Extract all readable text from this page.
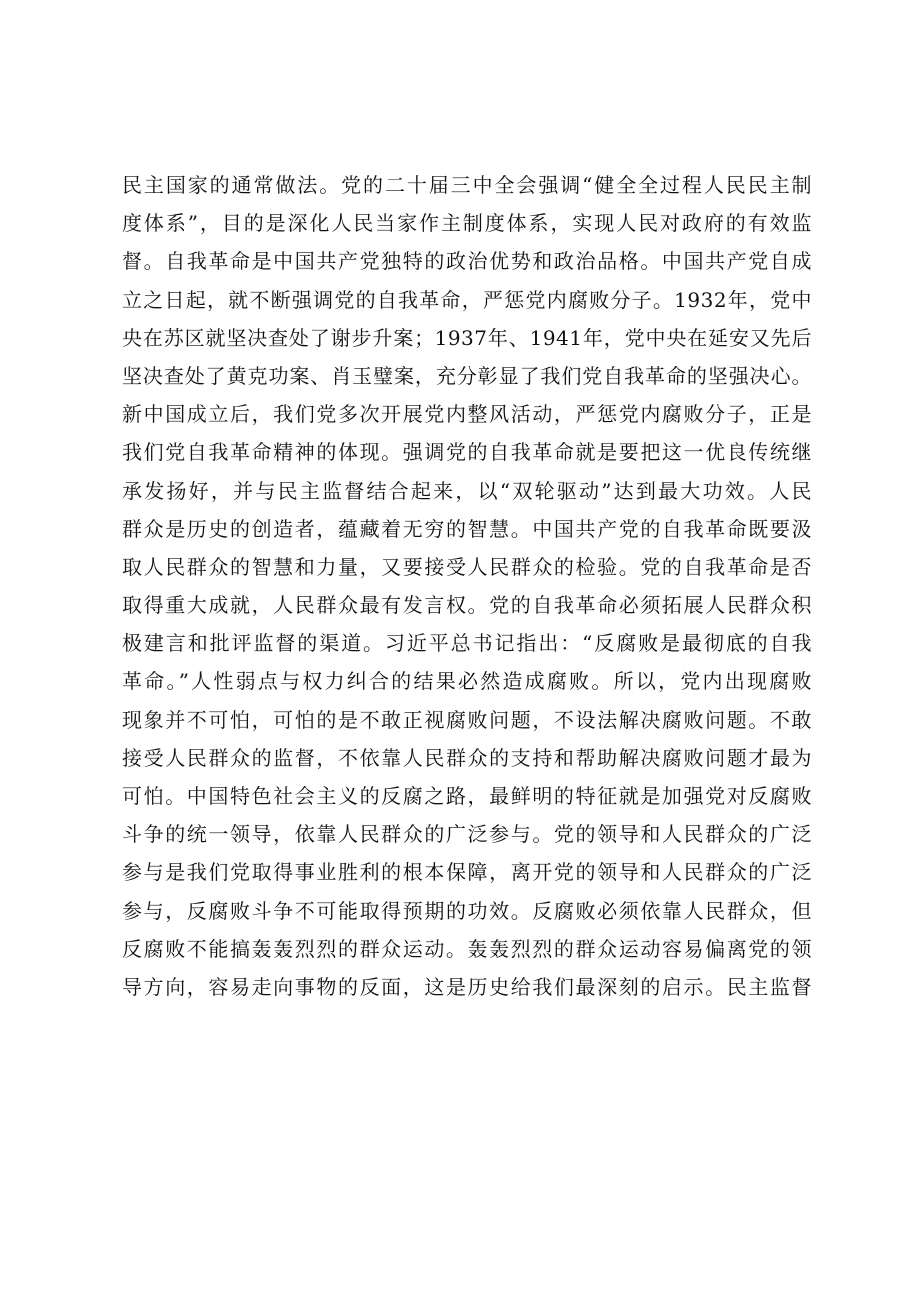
民主国家的通常做法。党的二十届三中全会强调“健全全过程人民民主制
度体系”，目的是深化人民当家作主制度体系，实现人民对政府的有效监
督。自我革命是中国共产党独特的政治优势和政治品格。中国共产党自成
立之日起，就不断强调党的自我革命，严惩党内腐败分子。1932年，党中
央在苏区就坚决查处了谢步升案；1937年、1941年，党中央在延安又先后
坚决查处了黄克功案、肖玉璧案，充分彰显了我们党自我革命的坚强决心。
新中国成立后，我们党多次开展党内整风活动，严惩党内腐败分子，正是
我们党自我革命精神的体现。强调党的自我革命就是要把这一优良传统继
承发扬好，并与民主监督结合起来，以“双轮驱动”达到最大功效。人民
群众是历史的创造者，蕴藏着无穷的智慧。中国共产党的自我革命既要汲
取人民群众的智慧和力量，又要接受人民群众的检验。党的自我革命是否
取得重大成就，人民群众最有发言权。党的自我革命必须拓展人民群众积
极建言和批评监督的渠道。习近平总书记指出：“反腐败是最彻底的自我
革命。”人性弱点与权力纠合的结果必然造成腐败。所以，党内出现腐败
现象并不可怕，可怕的是不敢正视腐败问题，不设法解决腐败问题。不敢
接受人民群众的监督，不依靠人民群众的支持和帮助解决腐败问题才最为
可怕。中国特色社会主义的反腐之路，最鲜明的特征就是加强党对反腐败
斗争的统一领导，依靠人民群众的广泛参与。党的领导和人民群众的广泛
参与是我们党取得事业胜利的根本保障，离开党的领导和人民群众的广泛
参与，反腐败斗争不可能取得预期的功效。反腐败必须依靠人民群众，但
反腐败不能搞轰轰烈烈的群众运动。轰轰烈烈的群众运动容易偏离党的领
导方向，容易走向事物的反面，这是历史给我们最深刻的启示。民主监督
